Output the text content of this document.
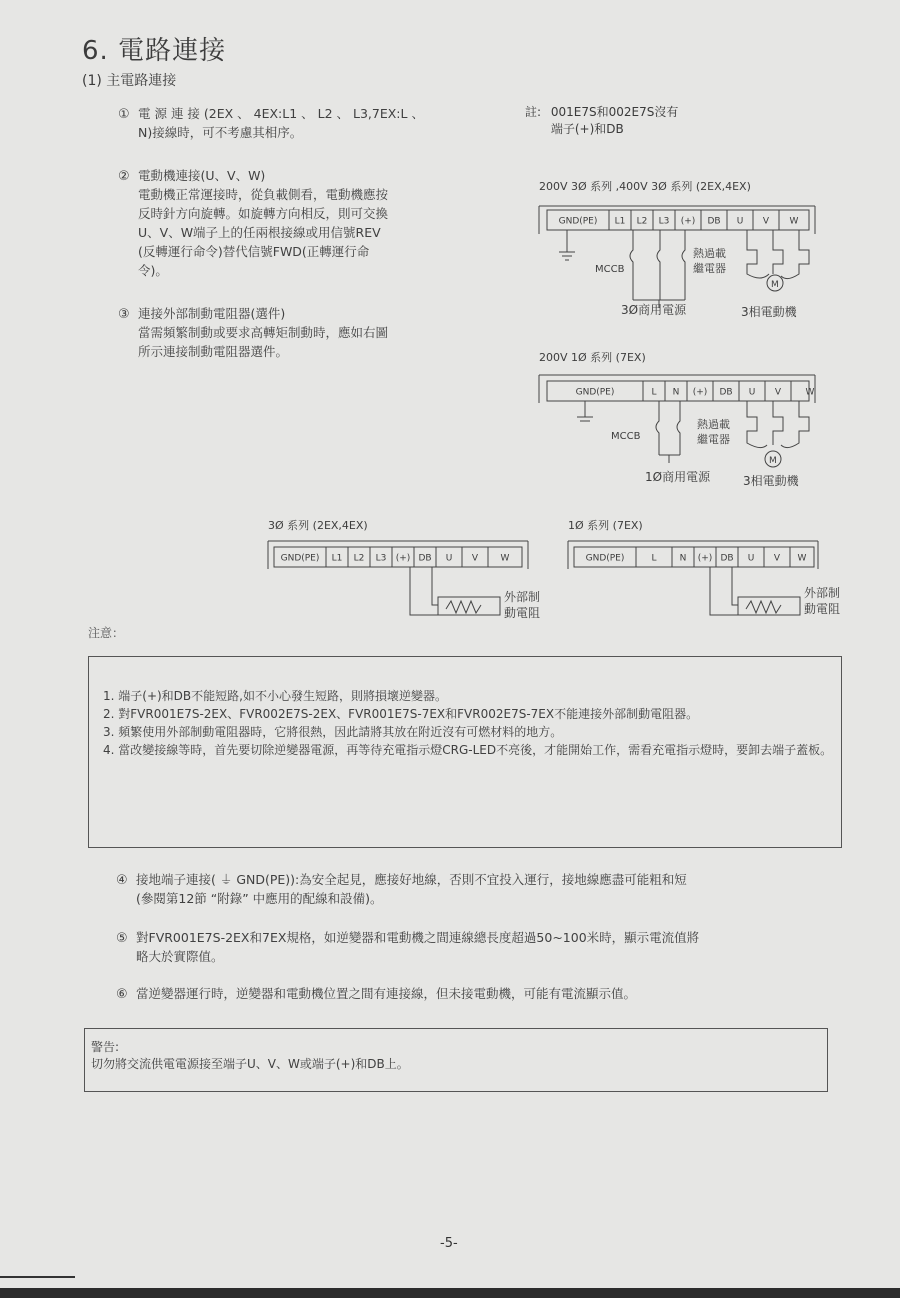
6. 電路連接
(1) 主電路連接
① 電 源 連 接 (2EX 、 4EX:L1 、 L2 、 L3,7EX:L 、
N)接線時，可不考慮其相序。
② 電動機連接(U、V、W)
電動機正常運接時，從負載側看，電動機應按
反時針方向旋轉。如旋轉方向相反，則可交換
U、V、W端子上的任兩根接線或用信號REV
(反轉運行命令)替代信號FWD(正轉運行命
令)。
③ 連接外部制動電阻器(選件)
當需頻繁制動或要求高轉矩制動時，應如右圖
所示連接制動電阻器選件。
註: 001E7S和002E7S沒有
端子(+)和DB
200V 3Ø 系列 ,400V 3Ø 系列 (2EX,4EX)
GND(PE) L1 L2 L3 (+) DB U V W
M
MCCB
熱過載
繼電器
3Ø商用電源	3相電動機
200V 1Ø 系列 (7EX)
GND(PE)	L N (+) DB U V	W
M
MCCB
熱過載
繼電器
1Ø商用電源	3相電動機
3Ø 系列 (2EX,4EX)
GND(PE) L1 L2 L3 (+) DB U V W
外部制
動電阻
1Ø 系列 (7EX)
GND(PE)	L	N (+) DB U V W
外部制
動電阻
注意：
1. 端子(+)和DB不能短路,如不小心發生短路，則將損壞逆變器。
2. 對FVR001E7S-2EX、FVR002E7S-2EX、FVR001E7S-7EX和FVR002E7S-7EX不能連接外部制動電阻器。
3. 頻繁使用外部制動電阻器時，它將很熱，因此請將其放在附近沒有可燃材料的地方。
4. 當改變接線等時，首先要切除逆變器電源，再等待充電指示燈CRG-LED不亮後，才能開始工作，需看充電指示燈時，要卸去端子蓋板。
④ 接地端子連接( ⏚ GND(PE)):為安全起見，應接好地線，否則不宜投入運行，接地線應盡可能粗和短
(參閱第12節 “附錄” 中應用的配線和設備)。
⑤ 對FVR001E7S-2EX和7EX規格，如逆變器和電動機之間連線總長度超過50~100米時，顯示電流值將
略大於實際值。
⑥ 當逆變器運行時，逆變器和電動機位置之間有連接線，但未接電動機，可能有電流顯示值。
警告:
切勿將交流供電電源接至端子U、V、W或端子(+)和DB上。
-5-
